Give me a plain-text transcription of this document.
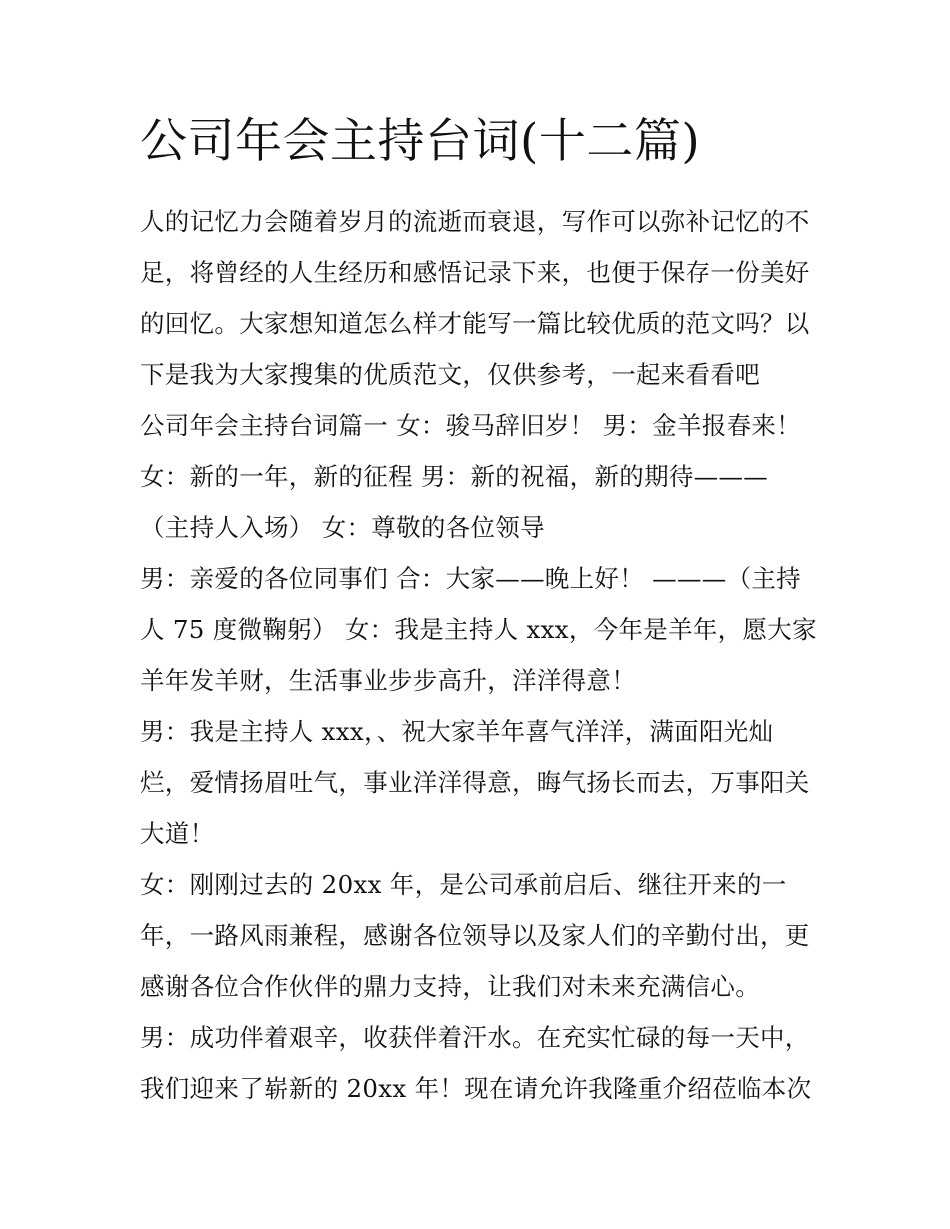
公司年会主持台词(十二篇)
人的记忆力会随着岁月的流逝而衰退，写作可以弥补记忆的不
足，将曾经的人生经历和感悟记录下来，也便于保存一份美好
的回忆。大家想知道怎么样才能写一篇比较优质的范文吗？以
下是我为大家搜集的优质范文，仅供参考，一起来看看吧
公司年会主持台词篇一 女：骏马辞旧岁！ 男：金羊报春来！
女：新的一年，新的征程 男：新的祝福，新的期待———
（主持人入场） 女：尊敬的各位领导
男：亲爱的各位同事们 合：大家——晚上好！ ———（主持
人 75 度微鞠躬） 女：我是主持人 xxx，今年是羊年，愿大家
羊年发羊财，生活事业步步高升，洋洋得意！
男：我是主持人 xxx，、祝大家羊年喜气洋洋，满面阳光灿
烂，爱情扬眉吐气，事业洋洋得意，晦气扬长而去，万事阳关
大道！
女：刚刚过去的 20xx 年，是公司承前启后、继往开来的一
年，一路风雨兼程，感谢各位领导以及家人们的辛勤付出，更
感谢各位合作伙伴的鼎力支持，让我们对未来充满信心。
男：成功伴着艰辛，收获伴着汗水。在充实忙碌的每一天中，
我们迎来了崭新的 20xx 年！现在请允许我隆重介绍莅临本次
